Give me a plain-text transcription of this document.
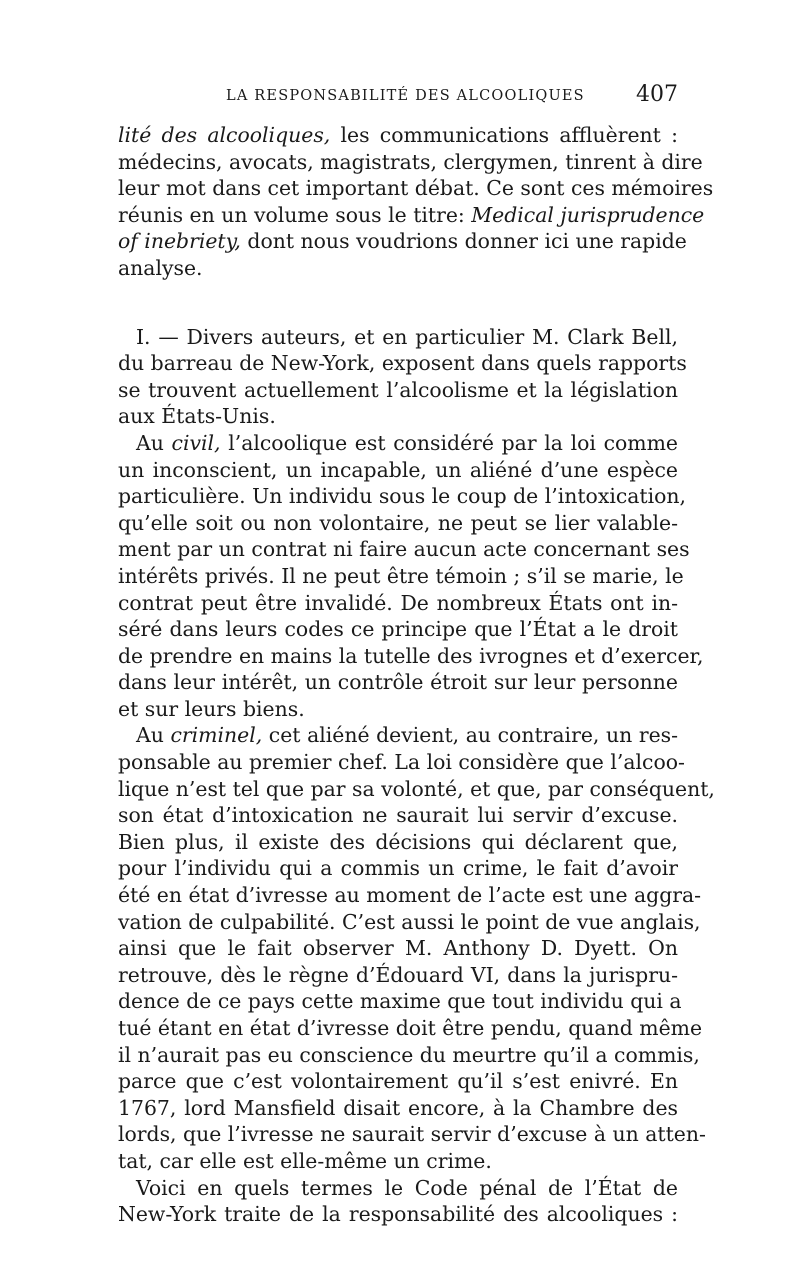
LA RESPONSABILITÉ DES ALCOOLIQUES 407

lité des alcooliques, les communications affluèrent :
médecins, avocats, magistrats, clergymen, tinrent à dire
leur mot dans cet important débat. Ce sont ces mémoires
réunis en un volume sous le titre: Medical jurisprudence
of inebriety, dont nous voudrions donner ici une rapide
analyse.

I. — Divers auteurs, et en particulier M. Clark Bell,
du barreau de New-York, exposent dans quels rapports
se trouvent actuellement l’alcoolisme et la législation
aux États-Unis.

Au civil, l’alcoolique est considéré par la loi comme
un inconscient, un incapable, un aliéné d’une espèce
particulière. Un individu sous le coup de l’intoxication,
qu’elle soit ou non volontaire, ne peut se lier valable-
ment par un contrat ni faire aucun acte concernant ses
intérêts privés. Il ne peut être témoin ; s’il se marie, le
contrat peut être invalidé. De nombreux États ont in-
séré dans leurs codes ce principe que l’État a le droit
de prendre en mains la tutelle des ivrognes et d’exercer,
dans leur intérêt, un contrôle étroit sur leur personne
et sur leurs biens.

Au criminel, cet aliéné devient, au contraire, un res-
ponsable au premier chef. La loi considère que l’alcoo-
lique n’est tel que par sa volonté, et que, par conséquent,
son état d’intoxication ne saurait lui servir d’excuse.
Bien plus, il existe des décisions qui déclarent que,
pour l’individu qui a commis un crime, le fait d’avoir
été en état d’ivresse au moment de l’acte est une aggra-
vation de culpabilité. C’est aussi le point de vue anglais,
ainsi que le fait observer M. Anthony D. Dyett. On
retrouve, dès le règne d’Édouard VI, dans la jurispru-
dence de ce pays cette maxime que tout individu qui a
tué étant en état d’ivresse doit être pendu, quand même
il n’aurait pas eu conscience du meurtre qu’il a commis,
parce que c’est volontairement qu’il s’est enivré. En
1767, lord Mansfield disait encore, à la Chambre des
lords, que l’ivresse ne saurait servir d’excuse à un atten-
tat, car elle est elle-même un crime.

Voici en quels termes le Code pénal de l’État de
New-York traite de la responsabilité des alcooliques :
